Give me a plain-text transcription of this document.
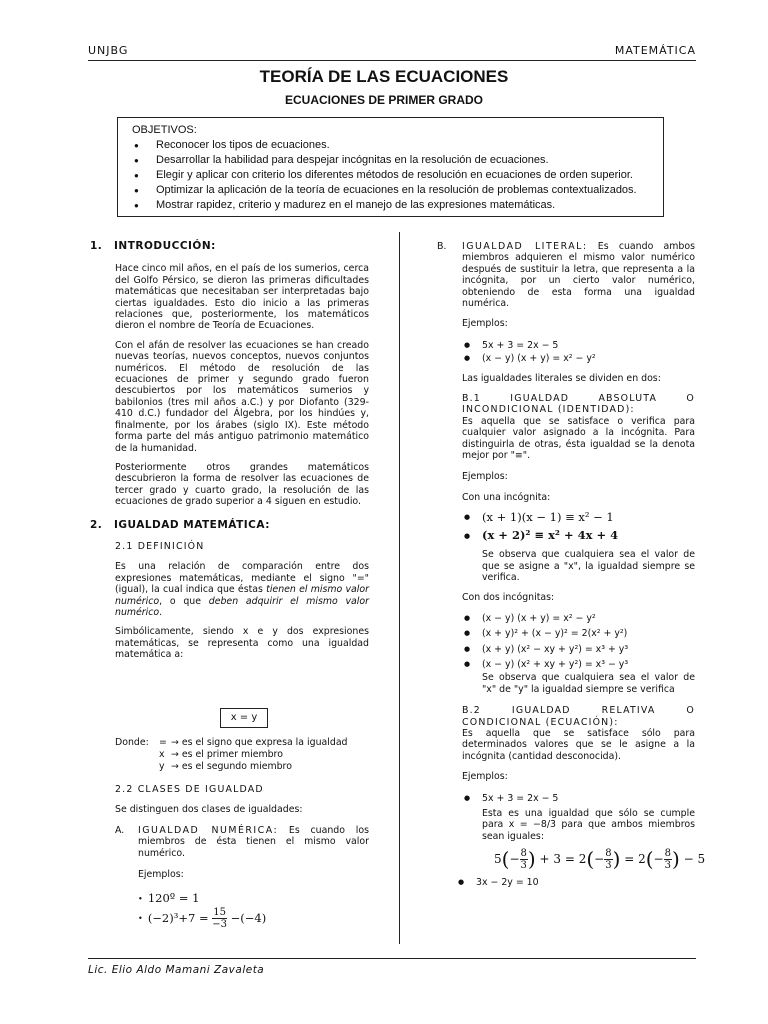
UNJBG	MATEMÁTICA
TEORÍA DE LAS ECUACIONES
ECUACIONES DE PRIMER GRADO
OBJETIVOS:
● Reconocer los tipos de ecuaciones.
● Desarrollar la habilidad para despejar incógnitas en la resolución de ecuaciones.
● Elegir y aplicar con criterio los diferentes métodos de resolución en ecuaciones de orden superior.
● Optimizar la aplicación de la teoría de ecuaciones en la resolución de problemas contextualizados.
● Mostrar rapidez, criterio y madurez en el manejo de las expresiones matemáticas.
1. INTRODUCCIÓN:

Hace cinco mil años, en el país de los sumerios, cerca del Golfo Pérsico, se dieron las primeras dificultades matemáticas que necesitaban ser interpretadas bajo ciertas igualdades. Esto dio inicio a las primeras relaciones que, posteriormente, los matemáticos dieron el nombre de Teoría de Ecuaciones.

Con el afán de resolver las ecuaciones se han creado nuevas teorías, nuevos conceptos, nuevos conjuntos numéricos. El método de resolución de las ecuaciones de primer y segundo grado fueron descubiertos por los matemáticos sumerios y babilonios (tres mil años a.C.) y por Diofanto (329-410 d.C.) fundador del Álgebra, por los hindúes y, finalmente, por los árabes (siglo IX). Este método forma parte del más antiguo patrimonio matemático de la humanidad.

Posteriormente otros grandes matemáticos descubrieron la forma de resolver las ecuaciones de tercer grado y cuarto grado, la resolución de las ecuaciones de grado superior a 4 siguen en estudio.

2. IGUALDAD MATEMÁTICA:
2.1 DEFINICIÓN

Es una relación de comparación entre dos expresiones matemáticas, mediante el signo "=" (igual), la cual indica que éstas tienen el mismo valor numérico, o que deben adquirir el mismo valor numérico.

Simbólicamente, siendo x e y dos expresiones matemáticas, se representa como una igualdad matemática a:

x = y
Donde: = → es el signo que expresa la igualdad
x → es el primer miembro
y → es el segundo miembro
2.2 CLASES DE IGUALDAD

Se distinguen dos clases de igualdades:

A. IGUALDAD NUMÉRICA: Es cuando los miembros de ésta tienen el mismo valor numérico.

Ejemplos:
•  120º = 1
•  $(-2)^3+7 = \frac{15}{-3} -(-4)$
B. IGUALDAD LITERAL: Es cuando ambos miembros adquieren el mismo valor numérico después de sustituir la letra, que representa a la incógnita, por un cierto valor numérico, obteniendo de esta forma una igualdad numérica.

Ejemplos:
● 5x + 3 = 2x − 5
● (x − y) (x + y) = x² − y²
Las igualdades literales se dividen en dos:
B.1 IGUALDAD ABSOLUTA O INCONDICIONAL (IDENTIDAD):

Es aquella que se satisface o verifica para cualquier valor asignado a la incógnita. Para distinguirla de otras, ésta igualdad se la denota mejor por "≡".

Ejemplos:
Con una incógnita:
● (x + 1)(x − 1) ≡ x² − 1
● (x + 2)² ≡ x² + 4x + 4

Se observa que cualquiera sea el valor de que se asigne a "x", la igualdad siempre se verifica.

Con dos incógnitas:
● (x − y) (x + y) = x² − y²
● (x + y)² + (x − y)² = 2(x² + y²)
● (x + y) (x² − xy + y²) = x³ + y³
● (x − y) (x² + xy + y²) = x³ − y³

Se observa que cualquiera sea el valor de "x" de "y" la igualdad siempre se verifica

B.2 IGUALDAD RELATIVA O CONDICIONAL (ECUACIÓN):

Es aquella que se satisface sólo para determinados valores que se le asigne a la incógnita (cantidad desconocida).

Ejemplos:
● 5x + 3 = 2x − 5

Esta es una igualdad que sólo se cumple para x = −8/3 para que ambos miembros sean iguales:

$5(- \frac{8}{3}$ ) + $3 = 2(- \frac{8}{3}$ ) = $2(- \frac{8}{3}$ ) − 5
● 3x − 2y = 10
Lic. Elio Aldo Mamani Zavaleta
